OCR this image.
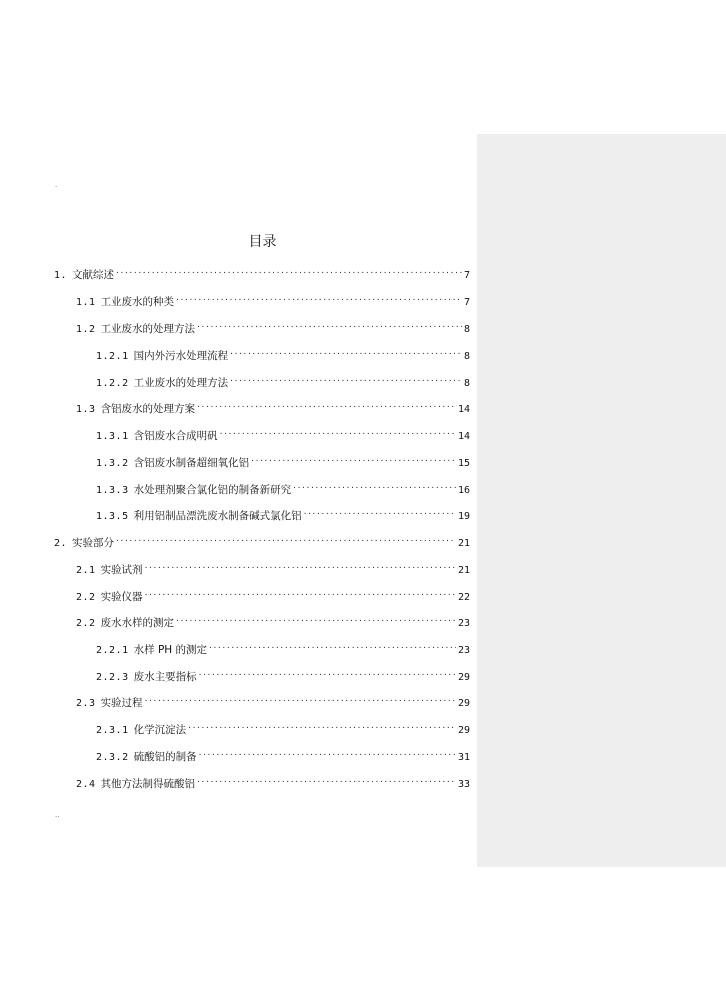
·
目录
1. 文献综述 .....	7
1.1 工业废水的种类 .....	7
1.2 工业废水的处理方法 .....	8
1.2.1 国内外污水处理流程 .....	8
1.2.2 工业废水的处理方法 .....	8
1.3 含铝废水的处理方案 .....	14
1.3.1 含铝废水合成明矾 .....	14
1.3.2 含铝废水制备超细氧化铝 .....	15
1.3.3 水处理剂聚合氯化铝的制备新研究 .....	16
1.3.5 利用铝制品漂洗废水制备碱式氯化铝 .....	19
2. 实验部分 .....	21
2.1 实验试剂 .....	21
2.2 实验仪器 .....	22
2.2 废水水样的测定 .....	23
2.2.1 水样 PH 的测定 .....	23
2.2.3 废水主要指标 .....	29
2.3 实验过程 .....	29
2.3.1 化学沉淀法 .....	29
2.3.2 硫酸铝的制备 .....	31
2.4 其他方法制得硫酸铝 .....	33
..
